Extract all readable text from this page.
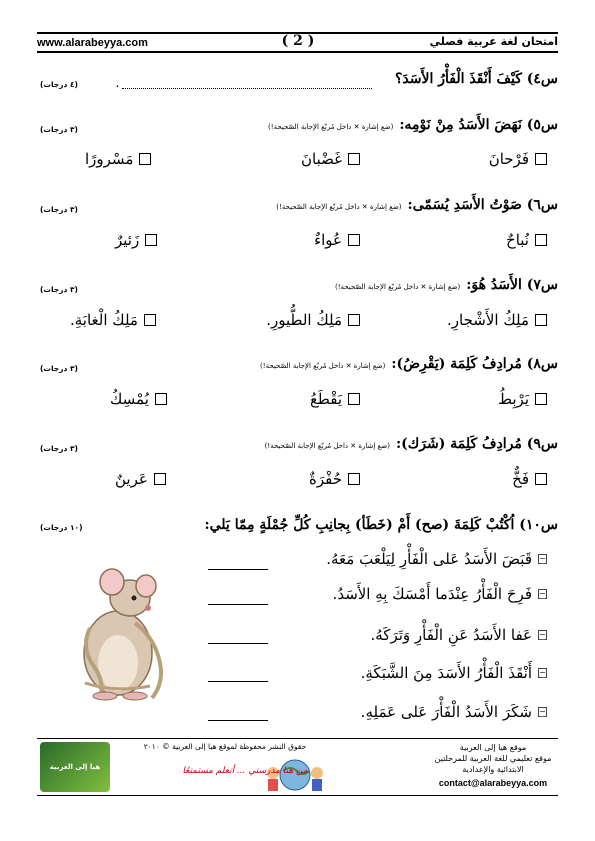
www.alarabeyya.com	( 2 )	امتحان لغة عربية فصلي
س٤) كَيْفَ أَنْقَذَ الْفَأْرُ الأَسَدَ؟
.
(٤ درجات)
س٥) نَهَضَ الأَسَدُ مِنْ نَوْمِه:
(ضع إشارة ✕ داخل مُربّع الإجابة الصّحيحة!)
(٣ درجات)
فَرْحانَ
غَضْبانَ
مَسْرورًا
س٦) صَوْتُ الأَسَدِ يُسَمّى:
(ضع إشارة ✕ داخل مُربّع الإجابة الصّحيحة!)
(٣ درجات)
نُباحٌ
عُواءٌ
زَئيرٌ
س٧) الأَسَدُ هُوَ:
(ضع إشارة ✕ داخل مُربّع الإجابة الصّحيحة!)
(٣ درجات)
مَلِكُ الأَشْجارِ.
مَلِكُ الطُّيورِ.
مَلِكُ الْغابَةِ.
س٨) مُرادِفُ كَلِمَة (يَقْرِضُ):
(ضع إشارة ✕ داخل مُربّع الإجابة الصّحيحة!)
(٣ درجات)
يَرْبِطُ
يَقْطَعُ
يُمْسِكُ
س٩) مُرادِفُ كَلِمَة (شَرَك):
(ضع إشارة ✕ داخل مُربّع الإجابة الصّحيحة!)
(٣ درجات)
فَخٌّ
حُفْرَةٌ
عَرينٌ
س١٠) اُكْتُبْ كَلِمَةَ (صح) أَمْ (خَطَأ) بِجانِبِ كُلِّ جُمْلَةٍ مِمّا يَلي:
(١٠ درجات)
قَبَضَ الأَسَدُ عَلى الْفَأْرِ لِيَلْعَبَ مَعَهُ.
فَرِحَ الْفَأْرُ عِنْدَما أَمْسَكَ بِهِ الأَسَدُ.
عَفا الأَسَدُ عَنِ الْفَأْرِ وَتَرَكَهُ.
أَنْقَذَ الْفَأْرُ الأَسَدَ مِنَ الشَّبَكَةِ.
شَكَرَ الأَسَدُ الْفَأْرَ عَلى عَمَلِهِ.
هيا إلى العربية
حقوق النشر محفوظة لموقع هيا إلى العربية © ٢٠١٠
من هنا مدرستي ... أتعلم مستمتعًا
موقع هيا إلى العربية
موقع تعليمي للغة العربية للمرحلتين الابتدائية والإعدادية
contact@alarabeyya.com
